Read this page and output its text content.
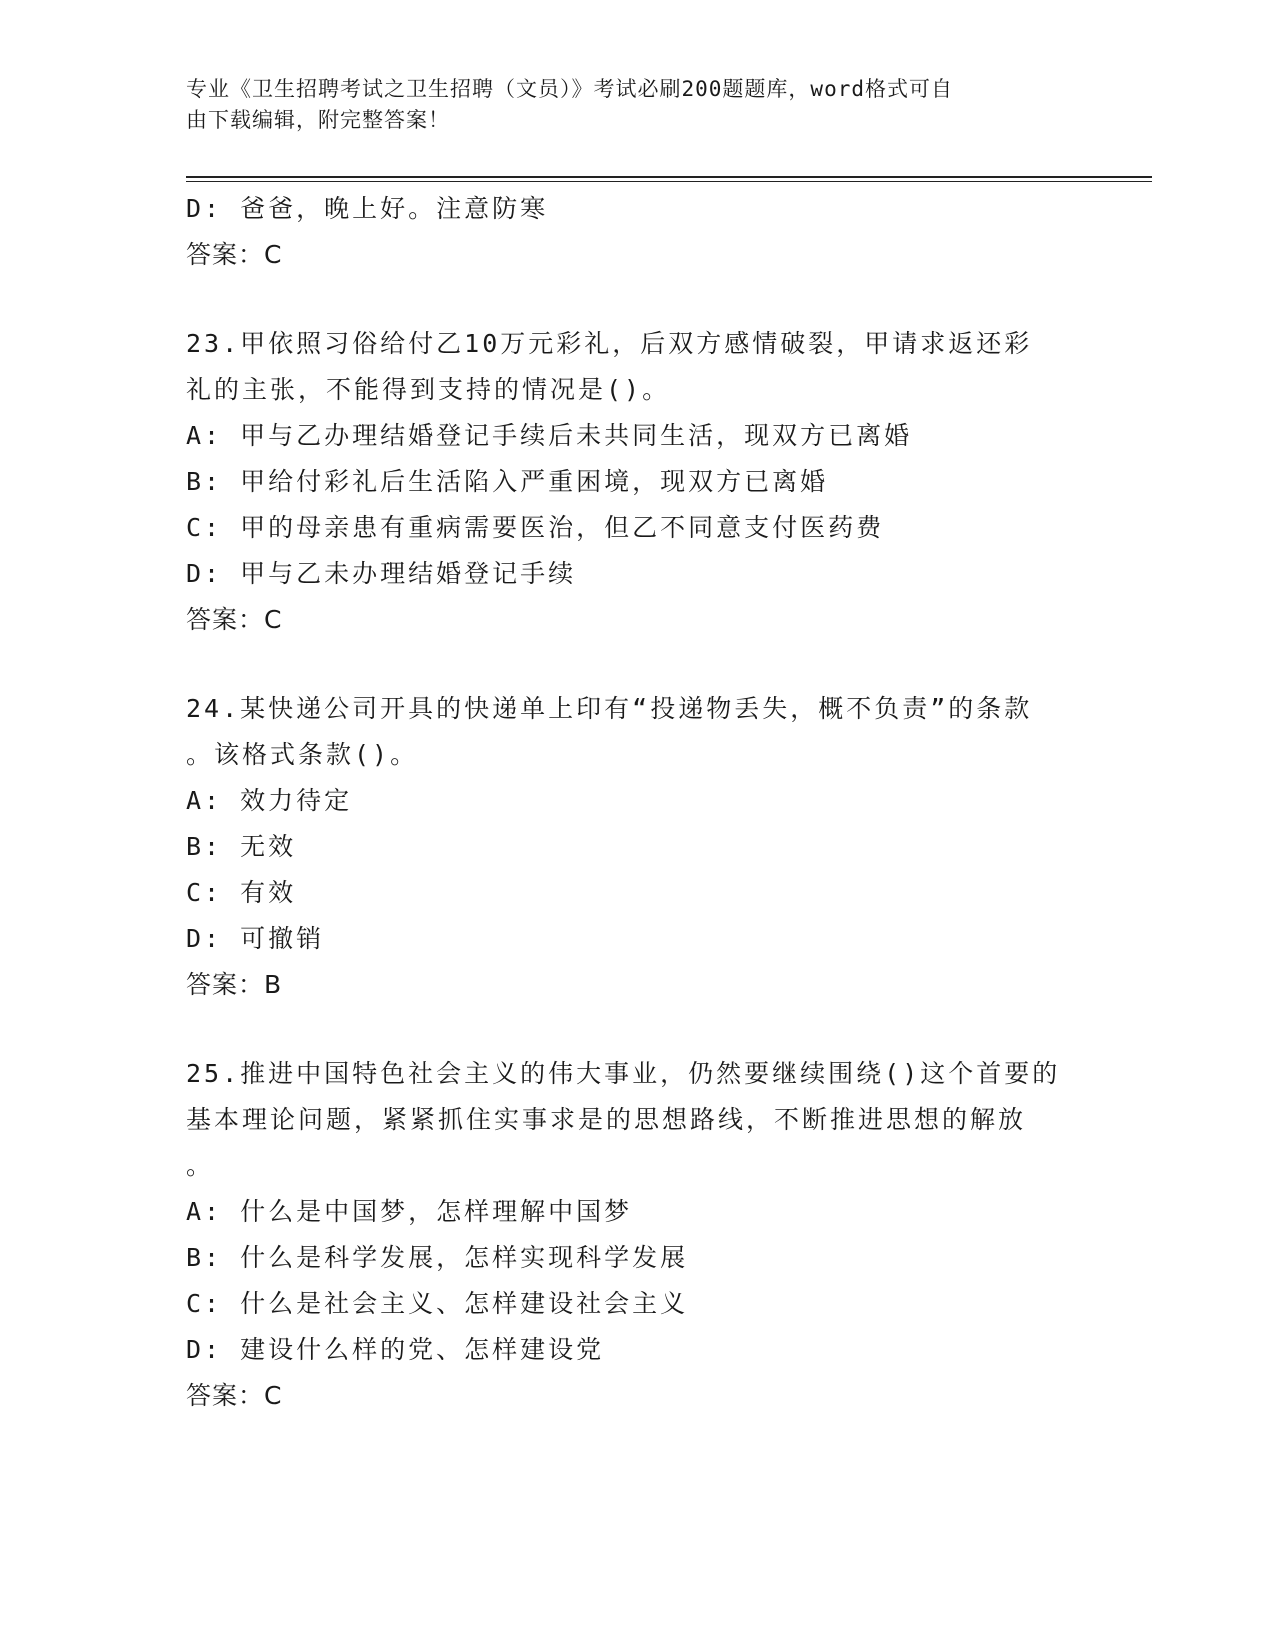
专业《卫生招聘考试之卫生招聘（文员）》考试必刷200题题库，word格式可自
由下载编辑，附完整答案！
D: 爸爸，晚上好。注意防寒
答案：C
23.甲依照习俗给付乙10万元彩礼，后双方感情破裂，甲请求返还彩
礼的主张，不能得到支持的情况是()。
A: 甲与乙办理结婚登记手续后未共同生活，现双方已离婚
B: 甲给付彩礼后生活陷入严重困境，现双方已离婚
C: 甲的母亲患有重病需要医治，但乙不同意支付医药费
D: 甲与乙未办理结婚登记手续
答案：C
24.某快递公司开具的快递单上印有“投递物丢失，概不负责”的条款
。该格式条款()。
A: 效力待定
B: 无效
C: 有效
D: 可撤销
答案：B
25.推进中国特色社会主义的伟大事业，仍然要继续围绕()这个首要的
基本理论问题，紧紧抓住实事求是的思想路线，不断推进思想的解放
。
A: 什么是中国梦，怎样理解中国梦
B: 什么是科学发展，怎样实现科学发展
C: 什么是社会主义、怎样建设社会主义
D: 建设什么样的党、怎样建设党
答案：C
